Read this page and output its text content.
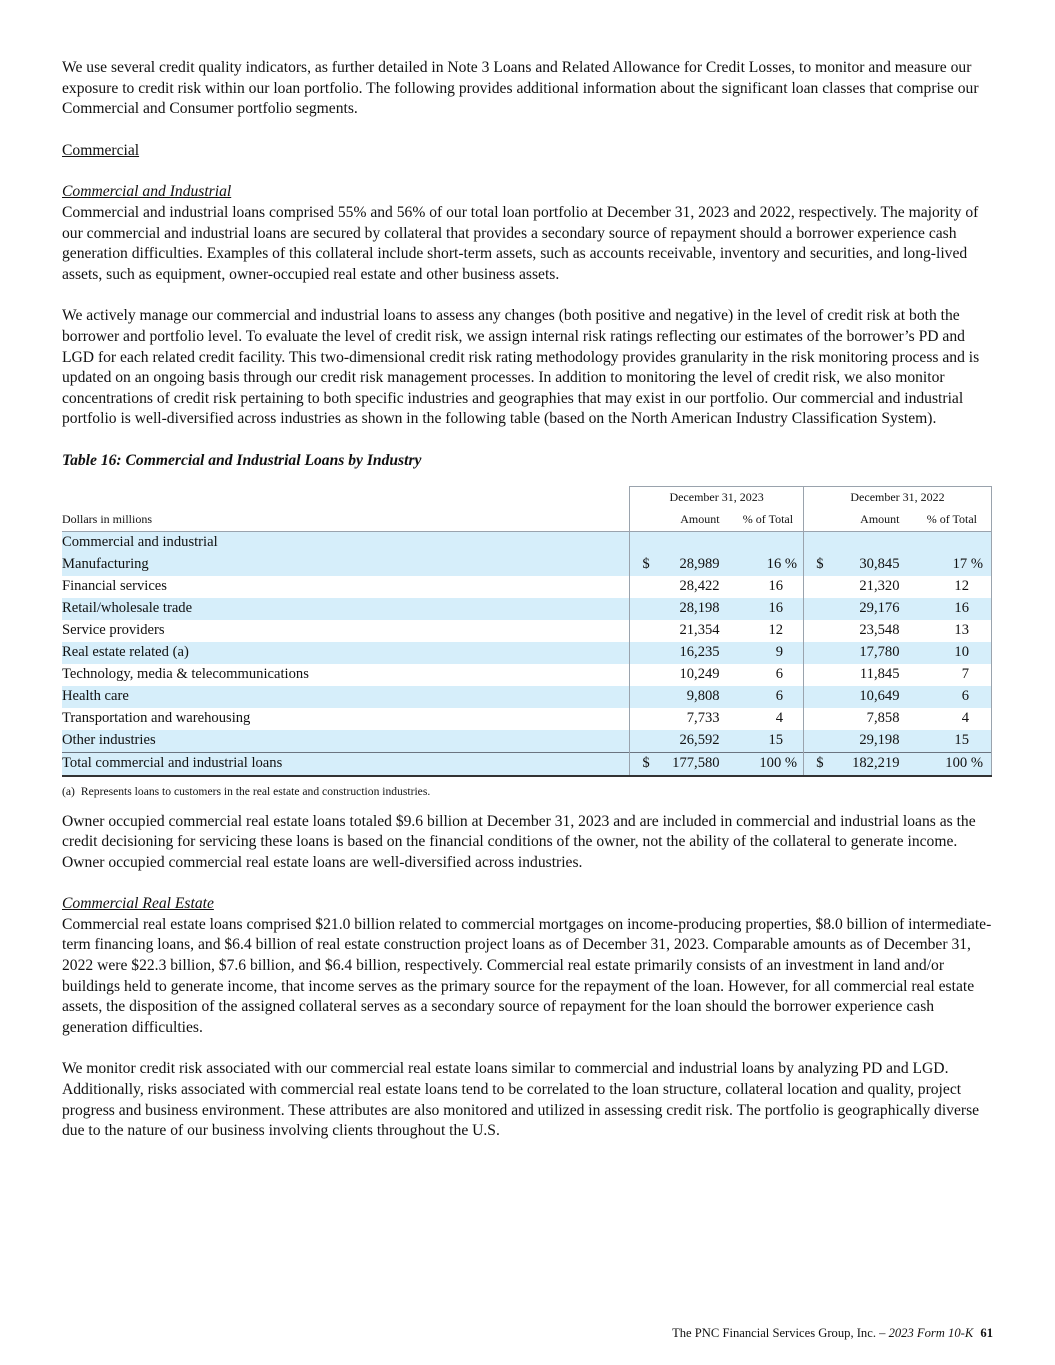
We use several credit quality indicators, as further detailed in Note 3 Loans and Related Allowance for Credit Losses, to monitor and measure our exposure to credit risk within our loan portfolio. The following provides additional information about the significant loan classes that comprise our Commercial and Consumer portfolio segments.

Commercial

Commercial and Industrial

Commercial and industrial loans comprised 55% and 56% of our total loan portfolio at December 31, 2023 and 2022, respectively. The majority of our commercial and industrial loans are secured by collateral that provides a secondary source of repayment should a borrower experience cash generation difficulties. Examples of this collateral include short-term assets, such as accounts receivable, inventory and securities, and long-lived assets, such as equipment, owner-occupied real estate and other business assets.

We actively manage our commercial and industrial loans to assess any changes (both positive and negative) in the level of credit risk at both the borrower and portfolio level. To evaluate the level of credit risk, we assign internal risk ratings reflecting our estimates of the borrower’s PD and LGD for each related credit facility. This two-dimensional credit risk rating methodology provides granularity in the risk monitoring process and is updated on an ongoing basis through our credit risk management processes. In addition to monitoring the level of credit risk, we also monitor concentrations of credit risk pertaining to both specific industries and geographies that may exist in our portfolio. Our commercial and industrial portfolio is well-diversified across industries as shown in the following table (based on the North American Industry Classification System).

Table 16: Commercial and Industrial Loans by Industry

	December 31, 2023			December 31, 2022		
Dollars in millions		Amount	% of Total		Amount	% of Total
Commercial and industrial						
Manufacturing	$	28,989	16 %	$	30,845	17 %
Financial services		28,422	16		21,320	12
Retail/wholesale trade		28,198	16		29,176	16
Service providers		21,354	12		23,548	13
Real estate related (a)		16,235	9		17,780	10
Technology, media & telecommunications		10,249	6		11,845	7
Health care		9,808	6		10,649	6
Transportation and warehousing		7,733	4		7,858	4
Other industries		26,592	15		29,198	15
Total commercial and industrial loans	$	177,580	100 %	$	182,219	100 %
(a) Represents loans to customers in the real estate and construction industries.

Owner occupied commercial real estate loans totaled $9.6 billion at December 31, 2023 and are included in commercial and industrial loans as the credit decisioning for servicing these loans is based on the financial conditions of the owner, not the ability of the collateral to generate income. Owner occupied commercial real estate loans are well-diversified across industries.

Commercial Real Estate

Commercial real estate loans comprised $21.0 billion related to commercial mortgages on income-producing properties, $8.0 billion of intermediate-term financing loans, and $6.4 billion of real estate construction project loans as of December 31, 2023. Comparable amounts as of December 31, 2022 were $22.3 billion, $7.6 billion, and $6.4 billion, respectively. Commercial real estate primarily consists of an investment in land and/or buildings held to generate income, that income serves as the primary source for the repayment of the loan. However, for all commercial real estate assets, the disposition of the assigned collateral serves as a secondary source of repayment for the loan should the borrower experience cash generation difficulties.

We monitor credit risk associated with our commercial real estate loans similar to commercial and industrial loans by analyzing PD and LGD. Additionally, risks associated with commercial real estate loans tend to be correlated to the loan structure, collateral location and quality, project progress and business environment. These attributes are also monitored and utilized in assessing credit risk. The portfolio is geographically diverse due to the nature of our business involving clients throughout the U.S.

The PNC Financial Services Group, Inc. – 2023 Form 10-K 61
